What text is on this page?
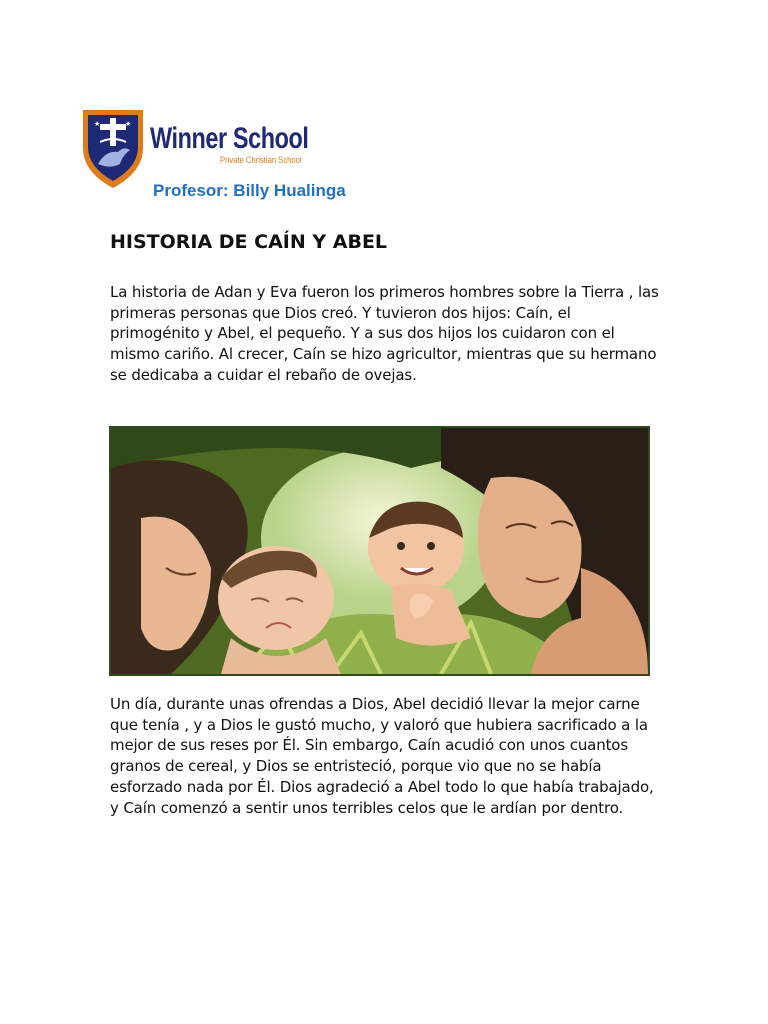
★	★ Winner School
Private Christian School
Profesor: Billy Hualinga
HISTORIA DE CAÍN Y ABEL
La historia de Adan y Eva fueron los primeros hombres sobre la Tierra , las
primeras personas que Dios creó. Y tuvieron dos hijos: Caín, el
primogénito y Abel, el pequeño. Y a sus dos hijos los cuidaron con el
mismo cariño. Al crecer, Caín se hizo agricultor, mientras que su hermano
se dedicaba a cuidar el rebaño de ovejas.
Un día, durante unas ofrendas a Dios, Abel decidió llevar la mejor carne
que tenía , y a Dios le gustó mucho, y valoró que hubiera sacrificado a la
mejor de sus reses por Él. Sin embargo, Caín acudió con unos cuantos
granos de cereal, y Dios se entristeció, porque vio que no se había
esforzado nada por Él. Dios agradeció a Abel todo lo que había trabajado,
y Caín comenzó a sentir unos terribles celos que le ardían por dentro.
